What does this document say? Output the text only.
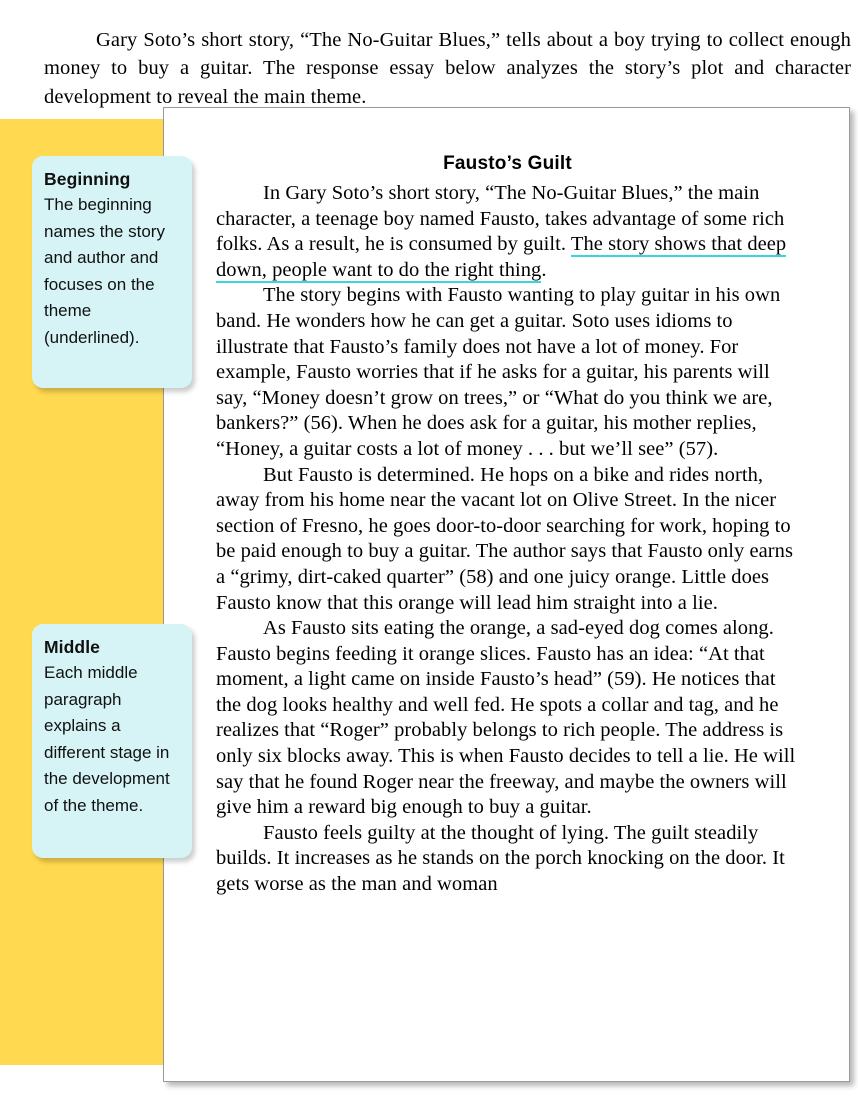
Gary Soto’s short story, “The No-Guitar Blues,” tells about a boy trying to collect enough money to buy a guitar. The response essay below analyzes the story’s plot and character development to reveal the main theme.

Fausto’s Guilt

In Gary Soto’s short story, “The No-Guitar Blues,” the main character, a teenage boy named Fausto, takes advantage of some rich folks. As a result, he is consumed by guilt. The story shows that deep down, people want to do the right thing.

The story begins with Fausto wanting to play guitar in his own band. He wonders how he can get a guitar. Soto uses idioms to illustrate that Fausto’s family does not have a lot of money. For example, Fausto worries that if he asks for a guitar, his parents will say, “Money doesn’t grow on trees,” or “What do you think we are, bankers?” (56). When he does ask for a guitar, his mother replies, “Honey, a guitar costs a lot of money . . . but we’ll see” (57).

But Fausto is determined. He hops on a bike and rides north, away from his home near the vacant lot on Olive Street. In the nicer section of Fresno, he goes door-to-door searching for work, hoping to be paid enough to buy a guitar. The author says that Fausto only earns a “grimy, dirt-caked quarter” (58) and one juicy orange. Little does Fausto know that this orange will lead him straight into a lie.

As Fausto sits eating the orange, a sad-eyed dog comes along. Fausto begins feeding it orange slices. Fausto has an idea: “At that moment, a light came on inside Fausto’s head” (59). He notices that the dog looks healthy and well fed. He spots a collar and tag, and he realizes that “Roger” probably belongs to rich people. The address is only six blocks away. This is when Fausto decides to tell a lie. He will say that he found Roger near the freeway, and maybe the owners will give him a reward big enough to buy a guitar.

Fausto feels guilty at the thought of lying. The guilt steadily builds. It increases as he stands on the porch knocking on the door. It gets worse as the man and woman

Beginning

The beginning names the story and author and focuses on the theme (underlined).

Middle

Each middle paragraph explains a different stage in the development of the theme.
